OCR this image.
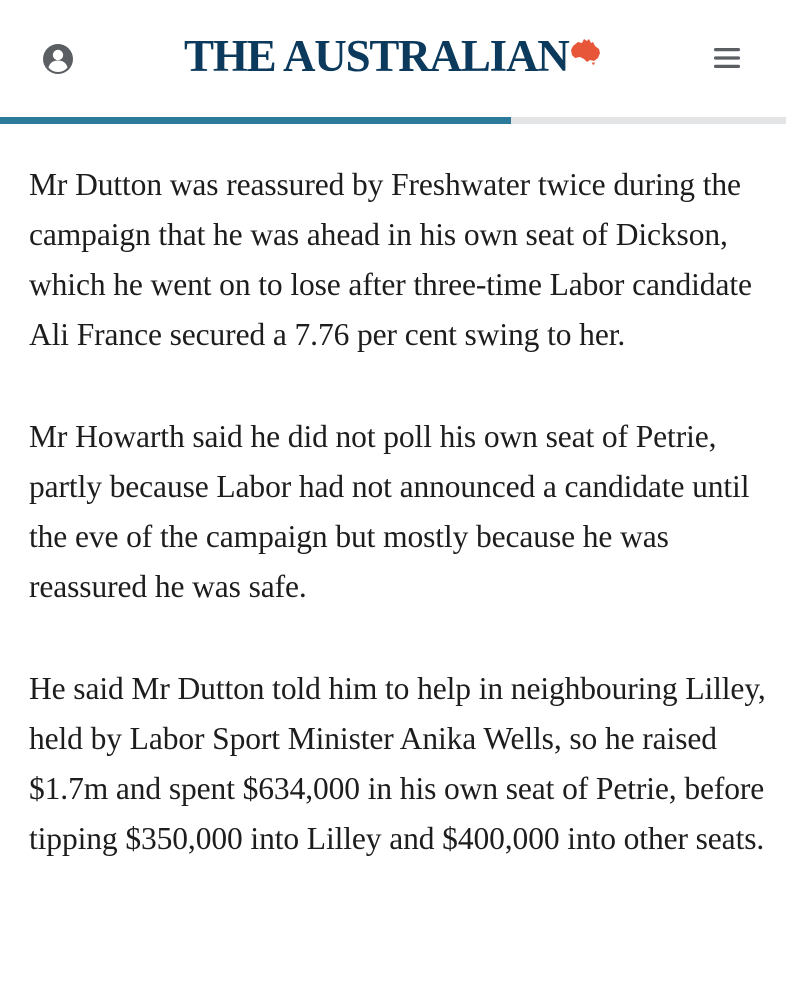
THE AUSTRALIAN

Mr Dutton was reassured by Freshwater twice during the campaign that he was ahead in his own seat of Dickson, which he went on to lose after three-time Labor candidate Ali France secured a 7.76 per cent swing to her.

Mr Howarth said he did not poll his own seat of Petrie, partly because Labor had not announced a candidate until the eve of the campaign but mostly because he was reassured he was safe.

He said Mr Dutton told him to help in neighbouring Lilley, held by Labor Sport Minister Anika Wells, so he raised $1.7m and spent $634,000 in his own seat of Petrie, before tipping $350,000 into Lilley and $400,000 into other seats.
